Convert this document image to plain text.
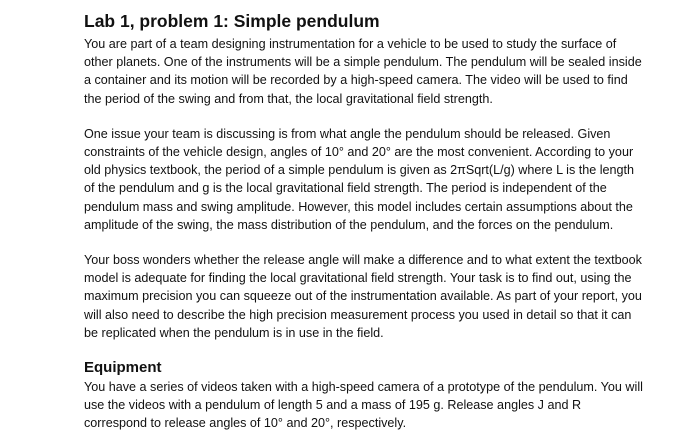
Lab 1, problem 1: Simple pendulum

You are part of a team designing instrumentation for a vehicle to be used to study the surface of other planets. One of the instruments will be a simple pendulum. The pendulum will be sealed inside a container and its motion will be recorded by a high-speed camera. The video will be used to find the period of the swing and from that, the local gravitational field strength.

One issue your team is discussing is from what angle the pendulum should be released. Given constraints of the vehicle design, angles of 10° and 20° are the most convenient. According to your old physics textbook, the period of a simple pendulum is given as 2πSqrt(L/g) where L is the length of the pendulum and g is the local gravitational field strength. The period is independent of the pendulum mass and swing amplitude. However, this model includes certain assumptions about the amplitude of the swing, the mass distribution of the pendulum, and the forces on the pendulum.

Your boss wonders whether the release angle will make a difference and to what extent the textbook model is adequate for finding the local gravitational field strength. Your task is to find out, using the maximum precision you can squeeze out of the instrumentation available. As part of your report, you will also need to describe the high precision measurement process you used in detail so that it can be replicated when the pendulum is in use in the field.

Equipment

You have a series of videos taken with a high-speed camera of a prototype of the pendulum. You will use the videos with a pendulum of length 5 and a mass of 195 g. Release angles J and R correspond to release angles of 10° and 20°, respectively.
